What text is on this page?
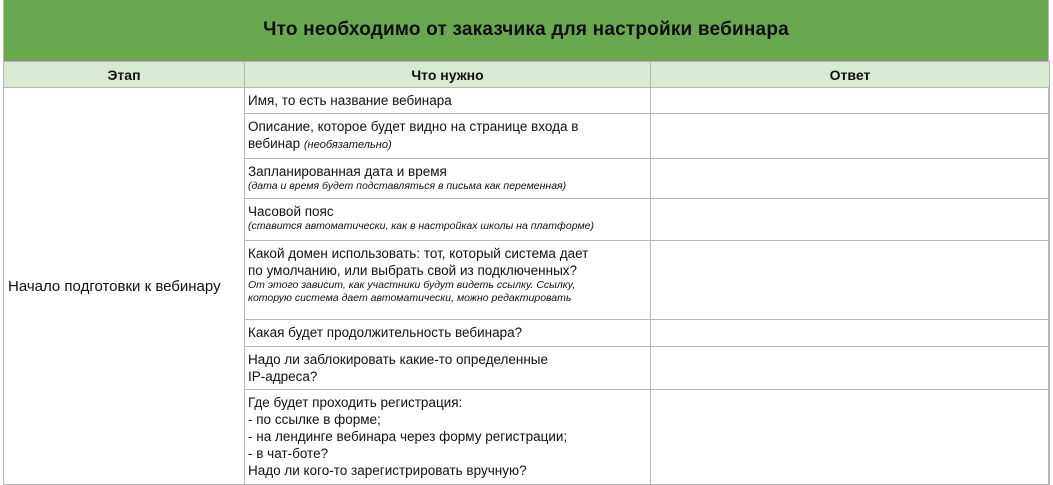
Что необходимо от заказчика для настройки вебинара
Этап	Что нужно	Ответ
Начало подготовки к вебинару	Имя, то есть название вебинара	

	Описание, которое будет видно на странице входа в
вебинар (необязательно)	

	Запланированная дата и время
(дата и время будет подставляться в письма как переменная)	

	Часовой пояс
(ставится автоматически, как в настройках школы на платформе)	

	Какой домен использовать: тот, который система дает
по умолчанию, или выбрать свой из подключенных?
От этого зависит, как участники будут видеть ссылку. Ссылку,
которую система дает автоматически, можно редактировать	

	Какая будет продолжительность вебинара?	

	Надо ли заблокировать какие-то определенные
IP-адреса?	

	Где будет проходить регистрация:
- по ссылке в форме;
- на лендинге вебинара через форму регистрации;
- в чат-боте?
Надо ли кого-то зарегистрировать вручную?	
